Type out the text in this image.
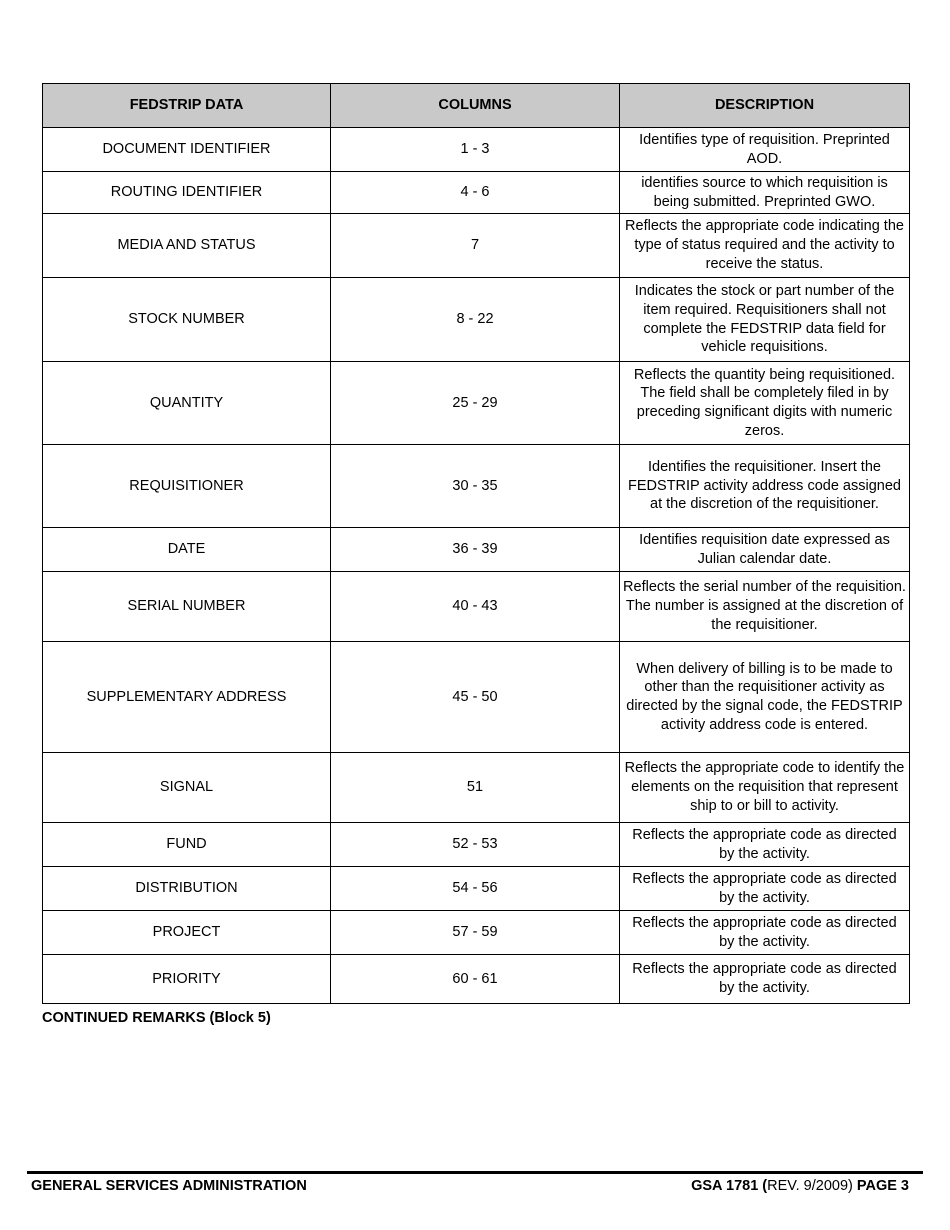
FEDSTRIP DATA	COLUMNS	DESCRIPTION
DOCUMENT IDENTIFIER	1 - 3	Identifies type of requisition. Preprinted AOD.
ROUTING IDENTIFIER	4 - 6	identifies source to which requisition is being submitted. Preprinted GWO.
MEDIA AND STATUS	7	Reflects the appropriate code indicating the type of status required and the activity to receive the status.
STOCK NUMBER	8 - 22	Indicates the stock or part number of the item required. Requisitioners shall not complete the FEDSTRIP data field for vehicle requisitions.
QUANTITY	25 - 29	Reflects the quantity being requisitioned. The field shall be completely filed in by preceding significant digits with numeric zeros.
REQUISITIONER	30 - 35	Identifies the requisitioner. Insert the FEDSTRIP activity address code assigned at the discretion of the requisitioner.
DATE	36 - 39	Identifies requisition date expressed as Julian calendar date.
SERIAL NUMBER	40 - 43	Reflects the serial number of the requisition. The number is assigned at the discretion of the requisitioner.
SUPPLEMENTARY ADDRESS	45 - 50	When delivery of billing is to be made to other than the requisitioner activity as directed by the signal code, the FEDSTRIP activity address code is entered.
SIGNAL	51	Reflects the appropriate code to identify the elements on the requisition that represent ship to or bill to activity.
FUND	52 - 53	Reflects the appropriate code as directed by the activity.
DISTRIBUTION	54 - 56	Reflects the appropriate code as directed by the activity.
PROJECT	57 - 59	Reflects the appropriate code as directed by the activity.
PRIORITY	60 - 61	Reflects the appropriate code as directed by the activity.
CONTINUED REMARKS (Block 5)
GENERAL SERVICES ADMINISTRATION	GSA 1781 (REV. 9/2009) PAGE 3
